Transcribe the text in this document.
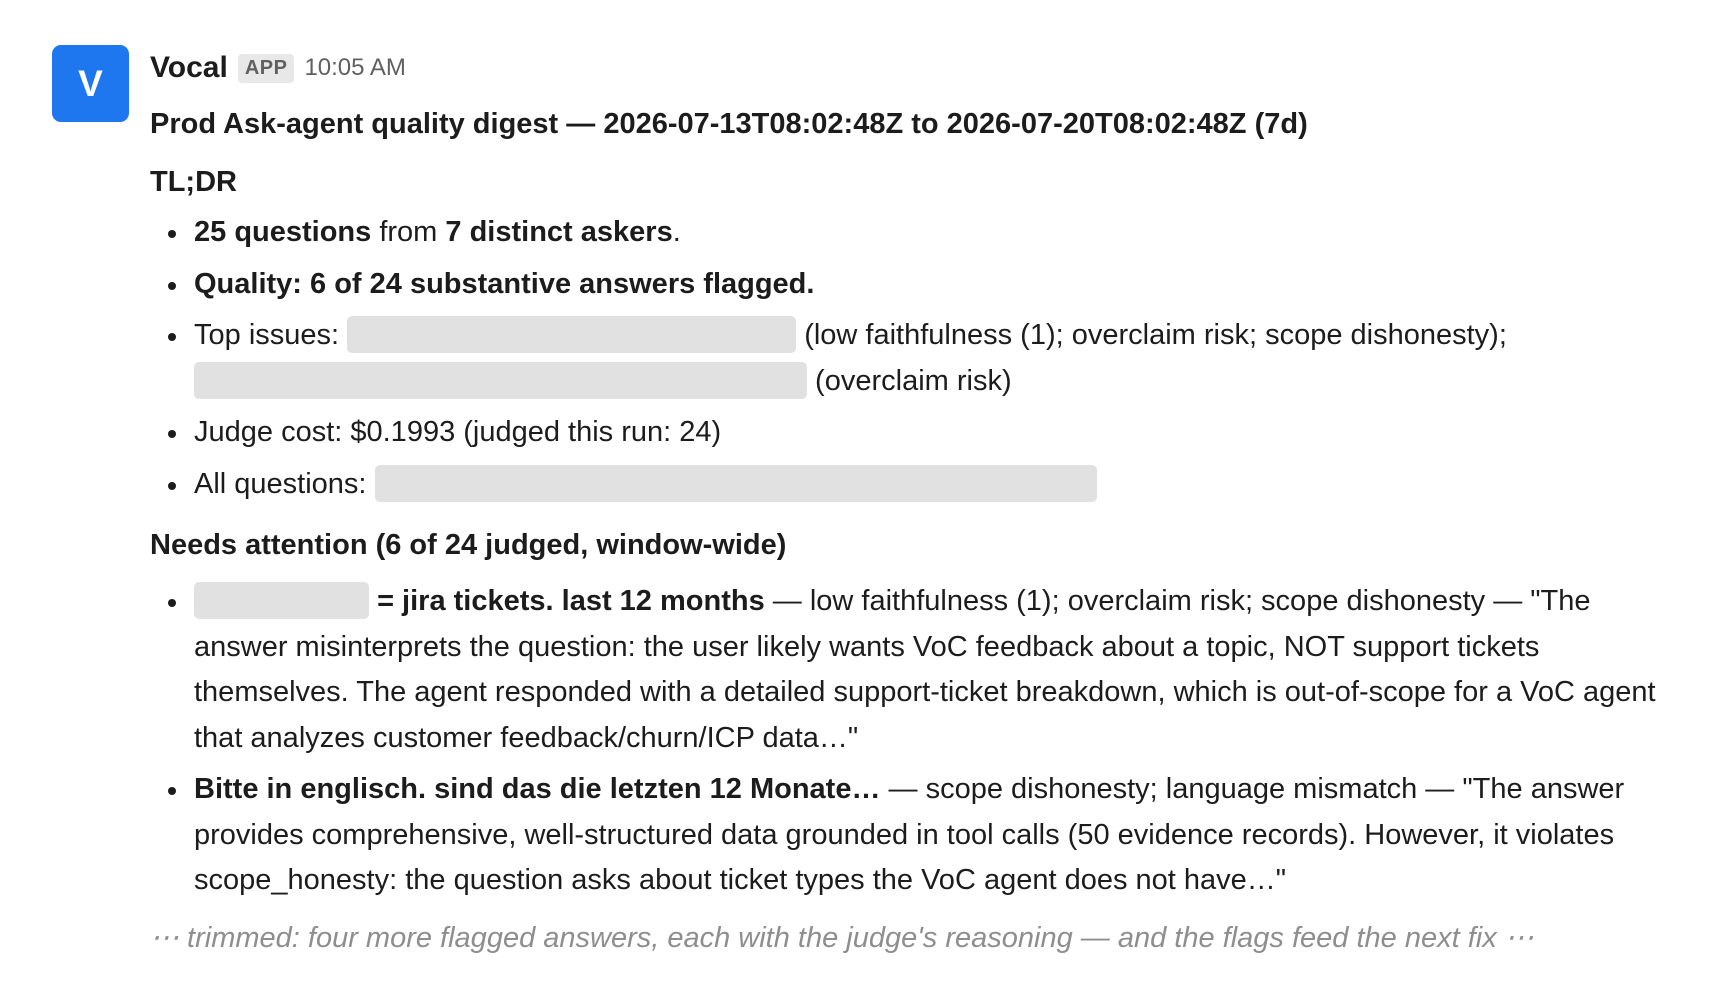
V Vocal APP 10:05 AM
Prod Ask-agent quality digest — 2026-07-13T08:02:48Z to 2026-07-20T08:02:48Z (7d)
TL;DR
25 questions from 7 distinct askers.
Quality: 6 of 24 substantive answers flagged.
Top issues:	(low faithfulness (1); overclaim risk; scope dishonesty);
(overclaim risk)
Judge cost: $0.1993 (judged this run: 24)
All questions:
Needs attention (6 of 24 judged, window-wide)
= jira tickets. last 12 months — low faithfulness (1); overclaim risk; scope dishonesty — "The answer misinterprets the question: the user likely wants VoC feedback about a topic, NOT support tickets themselves. The agent responded with a detailed support-ticket breakdown, which is out-of-scope for a VoC agent that analyzes customer feedback/churn/ICP data…"
Bitte in englisch. sind das die letzten 12 Monate… — scope dishonesty; language mismatch — "The answer provides comprehensive, well-structured data grounded in tool calls (50 evidence records). However, it violates scope_honesty: the question asks about ticket types the VoC agent does not have…"
⋯ trimmed: four more flagged answers, each with the judge's reasoning — and the flags feed the next fix ⋯
